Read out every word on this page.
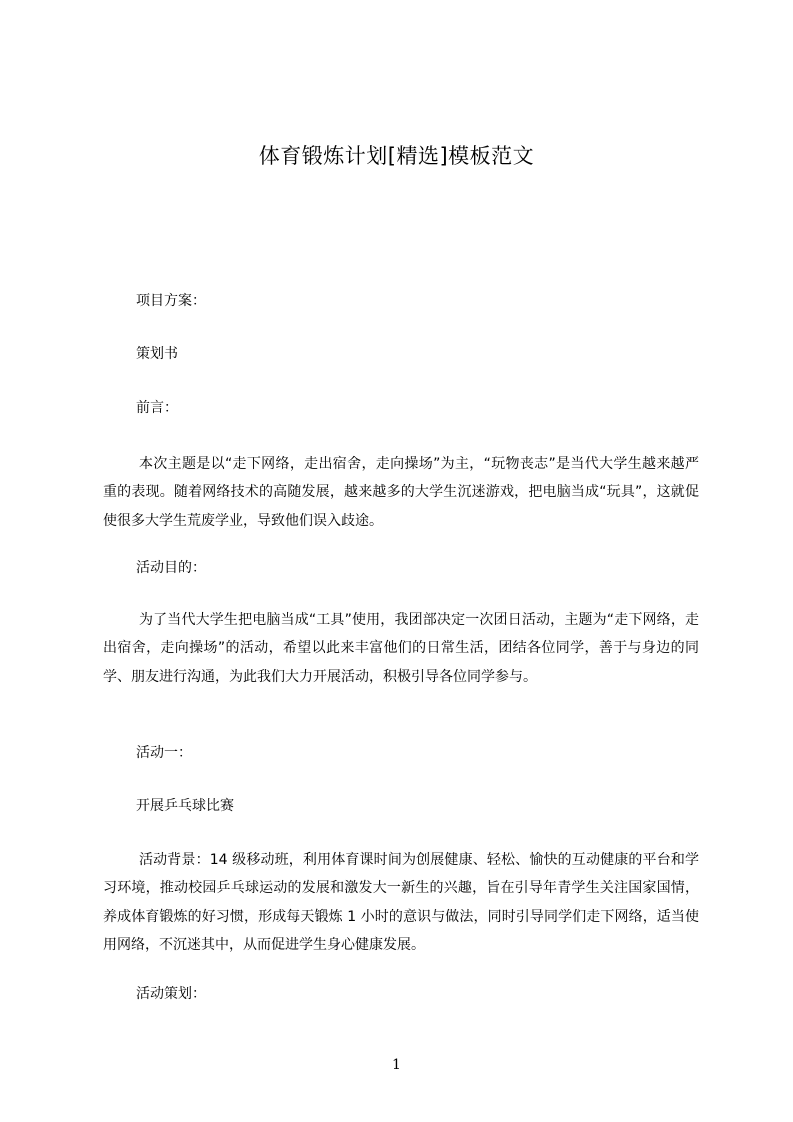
体育锻炼计划[精选]模板范文
项目方案：
策划书
前言：

本次主题是以“走下网络，走出宿舍，走向操场”为主，“玩物丧志”是当代大学生越来越严重的表现。随着网络技术的高随发展，越来越多的大学生沉迷游戏，把电脑当成“玩具”，这就促使很多大学生荒废学业，导致他们误入歧途。

活动目的：

为了当代大学生把电脑当成“工具”使用，我团部决定一次团日活动，主题为“走下网络，走出宿舍，走向操场”的活动，希望以此来丰富他们的日常生活，团结各位同学，善于与身边的同学、朋友进行沟通，为此我们大力开展活动，积极引导各位同学参与。

活动一：
开展乒乓球比赛

活动背景：14 级移动班，利用体育课时间为创展健康、轻松、愉快的互动健康的平台和学习环境，推动校园乒乓球运动的发展和激发大一新生的兴趣，旨在引导年青学生关注国家国情，养成体育锻炼的好习惯，形成每天锻炼 1 小时的意识与做法，同时引导同学们走下网络，适当使用网络，不沉迷其中，从而促进学生身心健康发展。

活动策划：
1
